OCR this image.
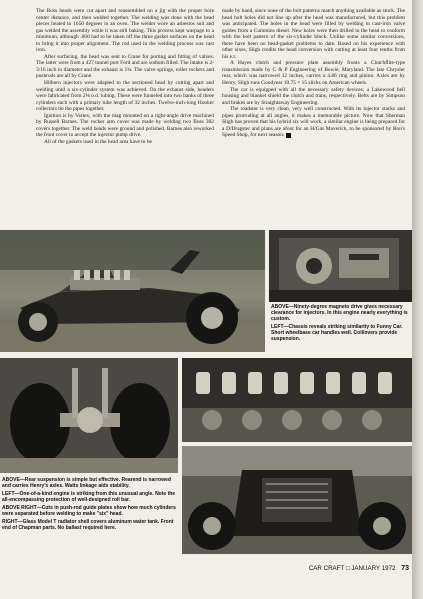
The Boss heads were cut apart and reassembled on a jig with the proper bore center distance, and then welded together. The welding was done with the head pieces heated to 1650 degrees in an oven. The welder wore an asbestos suit and gas welded the assembly while it was still baking. This process kept warpage to a minimum, although .060 had to be taken off the three gasket surfaces on the head to bring it into proper alignment. The rod used in the welding process was cast iron.

After surfacing, the head was sent to Crane for porting and fitting of valves. The latter were from a 427 tunnel port Ford and are sodium filled. The intake is 2-3/16 inch in diameter and the exhaust is 1¾. The valve springs, roller rockers and pushrods are all by Crane.

Hilborn injectors were adapted to the sectioned head by cutting apart and welding until a six-cylinder system was achieved. On the exhaust side, headers were fabricated from 2⅛ o.d. tubing. These were funneled into two banks of three cylinders each with a primary tube length of 32 inches. Twelve-inch-long Hooker collectors tie the pipes together.

Ignition is by Vertex, with the mag mounted on a right-angle drive machined by Russell Barnes. The rocker arm cover was made by welding two Boss 302 covers together. The weld beads were ground and polished. Barnes also reworked the front cover to accept the injector pump drive.

All of the gaskets used in the head area have to be

made by hand, since none of the bolt patterns match anything available as stock. The head bolt holes did not line up after the head was manufactured, but this problem was anticipated. The holes in the head were filled by welding in cast-iron valve guides from a Cummins diesel. New holes were then drilled in the head to conform with the bolt pattern of the six-cylinder block. Unlike some similar conversions, there have been no head-gasket problems to date. Based on his experience with other sixes, Sligh credits the head conversion with cutting at least four tenths from his e.t.

A Hayes clutch and pressure plate assembly fronts a Clutchflite-type transmission made by C & P Engineering of Bowie, Maryland. The late Chrysler rear, which was narrowed 12 inches, carries a 4.86 ring and pinion. Axles are by Henry. Sligh runs Goodyear 10.75 × 15 slicks on American wheels.

The car is equipped with all the necessary safety devices; a Lakewood bell housing and blanket shield the clutch and trans, respectively. Belts are by Simpson and brakes are by Straightaway Engineering.

The roadster is very clean, very well constructed. With its injector stacks and pipes protruding at all angles, it makes a memorable picture. Now that Sherman Sligh has proven that his hybrid six will work, a similar engine is being prepared for a D/Dragster and plans are afoot for an H/Gas Maverick, to be sponsored by Ron's Speed Shop, for next season.

ABOVE—Ninety-degree magneto drive gives necessary clearance for injectors. In this engine nearly everything is custom.

LEFT—Chassis reveals striking similarity to Funny Car. Short wheelbase car handles well. Coil/overs provide suspension.

ABOVE—Rear suspension is simple but effective. Rearend is narrowed and carries Henry's axles. Watts linkage aids stability.

LEFT—One-of-a-kind engine is striking from this unusual angle. Note the all-encompassing protection of well-designed roll bar.

ABOVE RIGHT—Cuts in push-rod guide plates show how much cylinders were separated before welding to make "six" head.

RIGHT—Glass Model T radiator shell covers aluminum water tank. Front end of Chapman parts. No ballast required here.

CAR CRAFT □ JANUARY 1972 73
